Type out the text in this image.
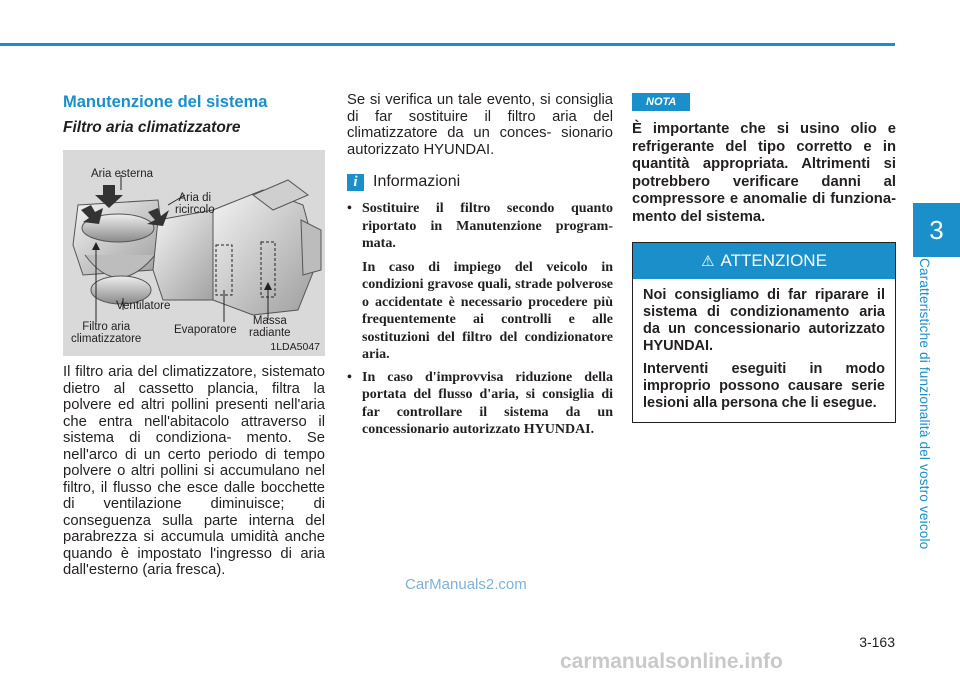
3
Caratteristiche di funzionalità del vostro veicolo
Manutenzione del sistema
Filtro aria climatizzatore
Aria esterna
Aria di
ricircolo
Ventilatore
Filtro aria
climatizzatore
Evaporatore
Massa
radiante
1LDA5047

Il filtro aria del climatizzatore, sistemato dietro al cassetto plancia, filtra la polvere ed altri pollini presenti nell'aria che entra nell'abitacolo attraverso il sistema di condiziona- mento. Se nell'arco di un certo periodo di tempo polvere o altri pollini si accumulano nel filtro, il flusso che esce dalle bocchette di ventilazione diminuisce; di conseguenza sulla parte interna del parabrezza si accumula umidità anche quando è impostato l'ingresso di aria dall'esterno (aria fresca).

Se si verifica un tale evento, si consiglia di far sostituire il filtro aria del climatizzatore da un conces- sionario autorizzato HYUNDAI.

i Informazioni
• Sostituire il filtro secondo quanto riportato in Manutenzione program- mata.
In caso di impiego del veicolo in condizioni gravose quali, strade polverose o accidentate è necessario procedere più frequentemente ai controlli e alle sostituzioni del filtro del condizionatore aria.
• In caso d'improvvisa riduzione della portata del flusso d'aria, si consiglia di far controllare il sistema da un concessionario autorizzato HYUNDAI.
NOTA

È importante che si usino olio e refrigerante del tipo corretto e in quantità appropriata. Altrimenti si potrebbero verificare danni al compressore e anomalie di funziona-mento del sistema.

⚠ ATTENZIONE

Noi consigliamo di far riparare il sistema di condizionamento aria da un concessionario autorizzato HYUNDAI.

Interventi eseguiti in modo improprio possono causare serie lesioni alla persona che li esegue.

CarManuals2.com
3-163
carmanualsonline.info
